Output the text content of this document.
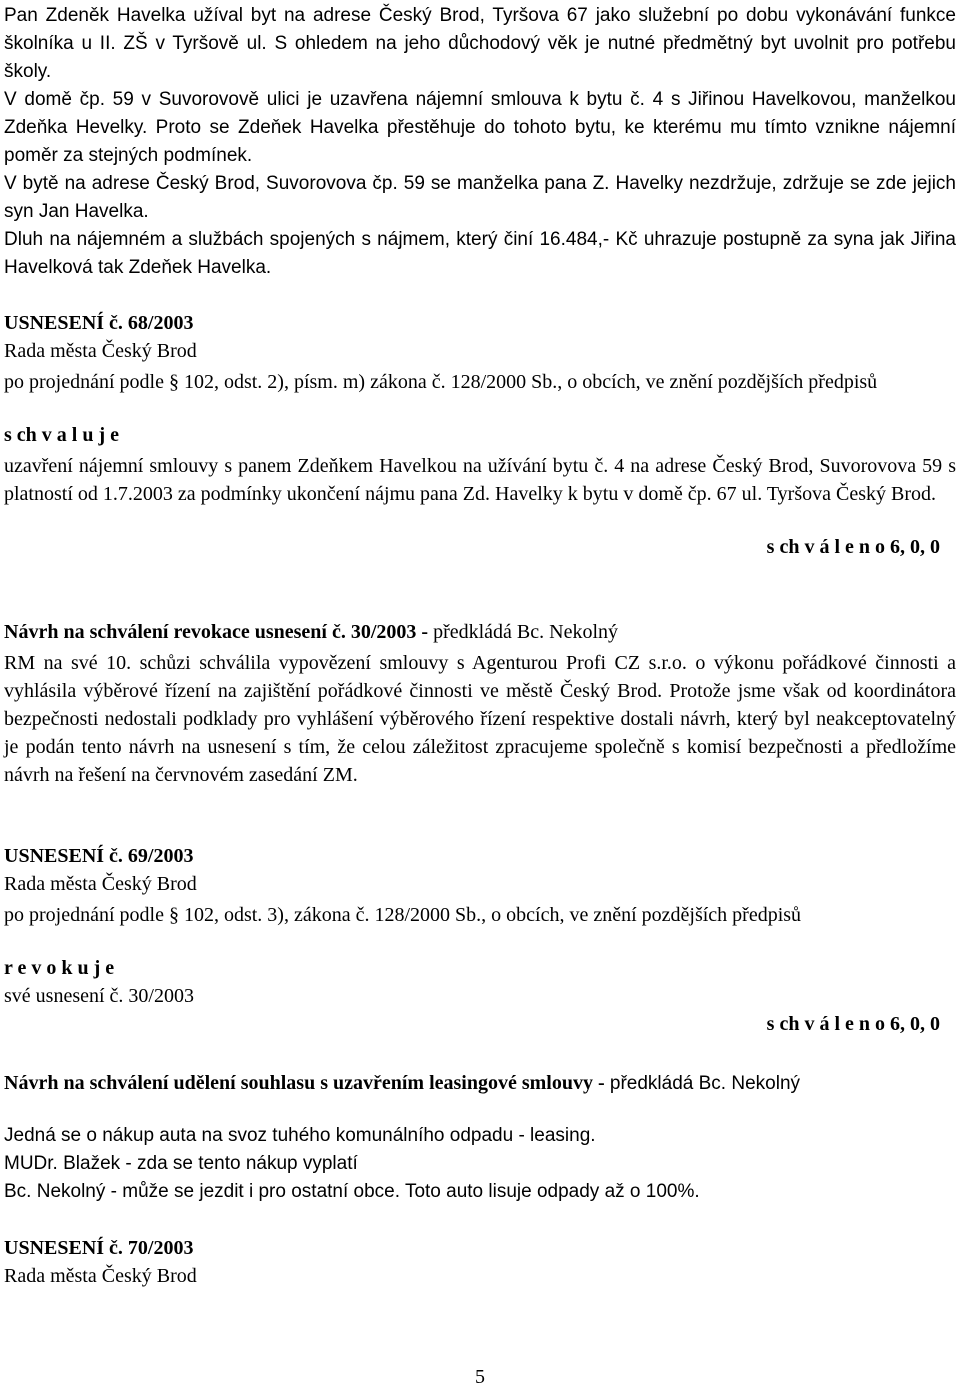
Pan Zdeněk Havelka užíval byt na adrese Český Brod, Tyršova 67 jako služební po dobu vykonávání funkce školníka u II. ZŠ v Tyršově ul. S ohledem na jeho důchodový věk je nutné předmětný byt uvolnit pro potřebu školy.

V domě čp. 59 v Suvorovově ulici je uzavřena nájemní smlouva k bytu č. 4 s Jiřinou Havelkovou, manželkou Zdeňka Hevelky. Proto se Zdeňek Havelka přestěhuje do tohoto bytu, ke kterému mu tímto vznikne nájemní poměr za stejných podmínek.

V bytě na adrese Český Brod, Suvorovova čp. 59 se manželka pana Z. Havelky nezdržuje, zdržuje se zde jejich syn Jan Havelka.

Dluh na nájemném a službách spojených s nájmem, který činí 16.484,- Kč uhrazuje postupně za syna jak Jiřina Havelková tak Zdeňek Havelka.

USNESENÍ č. 68/2003

Rada města Český Brod

po projednání podle § 102, odst. 2), písm. m) zákona č. 128/2000 Sb., o obcích, ve znění pozdějších předpisů

s ch v a l u j e

uzavření nájemní smlouvy s panem Zdeňkem Havelkou na užívání bytu č. 4 na adrese Český Brod, Suvorovova 59 s platností od 1.7.2003 za podmínky ukončení nájmu pana Zd. Havelky k bytu v domě čp. 67 ul. Tyršova Český Brod.

s ch v á l e n o 6, 0, 0

Návrh na schválení revokace usnesení č. 30/2003 - předkládá Bc. Nekolný

RM na své 10. schůzi schválila vypovězení smlouvy s Agenturou Profi CZ s.r.o. o výkonu pořádkové činnosti a vyhlásila výběrové řízení na zajištění pořádkové činnosti ve městě Český Brod. Protože jsme však od koordinátora bezpečnosti nedostali podklady pro vyhlášení výběrového řízení respektive dostali návrh, který byl neakceptovatelný je podán tento návrh na usnesení s tím, že celou záležitost zpracujeme společně s komisí bezpečnosti a předložíme návrh na řešení na červnovém zasedání ZM.

USNESENÍ č. 69/2003

Rada města Český Brod

po projednání podle § 102, odst. 3), zákona č. 128/2000 Sb., o obcích, ve znění pozdějších předpisů

r e v o k u j e

své usnesení č. 30/2003

s ch v á l e n o 6, 0, 0

Návrh na schválení udělení souhlasu s uzavřením leasingové smlouvy - předkládá Bc. Nekolný

Jedná se o nákup auta na svoz tuhého komunálního odpadu - leasing.

MUDr. Blažek - zda se tento nákup vyplatí

Bc. Nekolný - může se jezdit i pro ostatní obce. Toto auto lisuje odpady až o 100%.

USNESENÍ č. 70/2003

Rada města Český Brod

5
